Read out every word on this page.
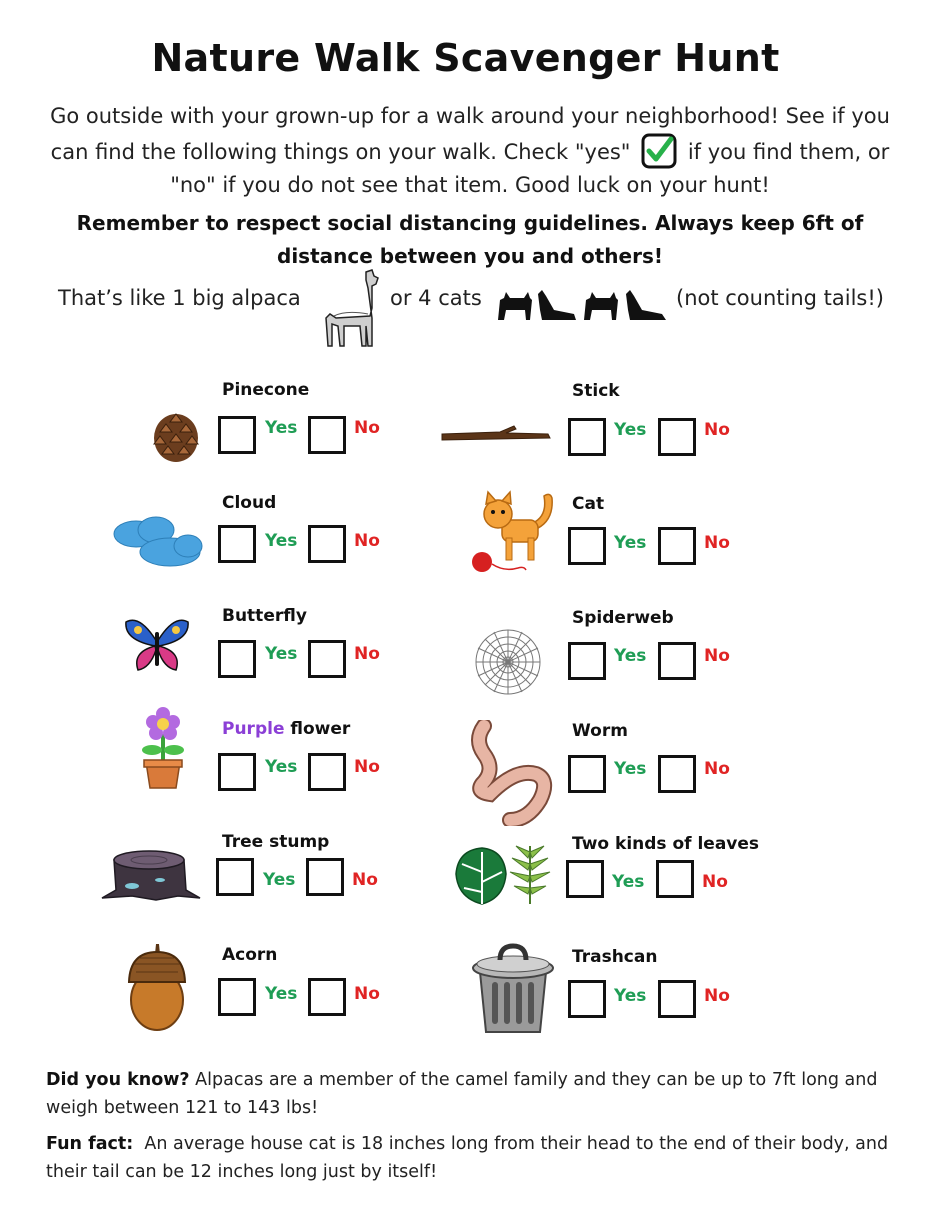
Nature Walk Scavenger Hunt
Go outside with your grown-up for a walk around your neighborhood! See if you can find the following things on your walk. Check "yes"	if you find them, or "no" if you do not see that item. Good luck on your hunt!
Remember to respect social distancing guidelines. Always keep 6ft of distance between you and others!
That’s like 1 big alpaca	or 4 cats	(not counting tails!)
Pinecone
Yes	No
Cloud
Yes	No
Butterfly
Yes	No
Purple flower
Yes	No
Tree stump
Yes	No
Acorn
Yes	No
Stick
Yes	No
Cat
Yes	No
Spiderweb
Yes	No
Worm
Yes	No
Two kinds of leaves
Yes	No
Trashcan
Yes	No
Did you know? Alpacas are a member of the camel family and they can be up to 7ft long and weigh between 121 to 143 lbs!
Fun fact: An average house cat is 18 inches long from their head to the end of their body, and their tail can be 12 inches long just by itself!
